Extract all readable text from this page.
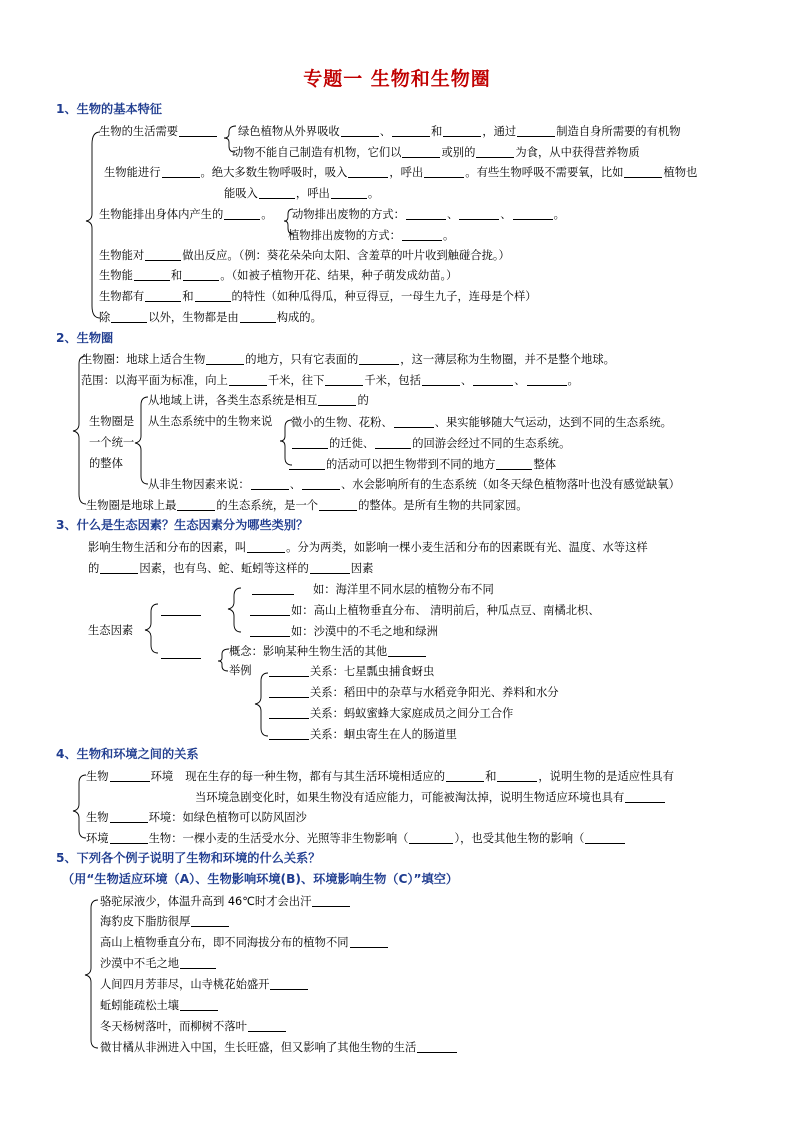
专题一 生物和生物圈
1、生物的基本特征
生物的生活需要	绿色植物从外界吸收	、	和	，通过	制造自身所需要的有机物
动物不能自己制造有机物，它们以	或别的	为食，从中获得营养物质
生物能进行	。绝大多数生物呼吸时，吸入	，呼出	。有些生物呼吸不需要氧，比如	植物也
能吸入	，呼出	。
生物能排出身体内产生的	。 动物排出废物的方式：	、	、	。
植物排出废物的方式：	。
生物能对	做出反应。（例：葵花朵朵向太阳、含羞草的叶片收到触碰合拢。）
生物能	和	。（如被子植物开花、结果，种子萌发成幼苗。）
生物都有	和	的特性（如种瓜得瓜，种豆得豆，一母生九子，连母是个样）
除	以外，生物都是由	构成的。
2、生物圈
生物圈：地球上适合生物	的地方，只有它表面的	，这一薄层称为生物圈，并不是整个地球。
范围：以海平面为标准，向上	千米，往下	千米，包括	、	、	。
从地域上讲，各类生态系统是相互	的
生物圈是
一个统一
的整体
从生态系统中的生物来说 微小的生物、花粉、	、果实能够随大气运动，达到不同的生态系统。
的迁徙、	的回游会经过不同的生态系统。
的活动可以把生物带到不同的地方	整体
从非生物因素来说：	、	、水会影响所有的生态系统（如冬天绿色植物落叶也没有感觉缺氧）
生物圈是地球上最	的生态系统，是一个	的整体。是所有生物的共同家园。
3、什么是生态因素？生态因素分为哪些类别？
影响生物生活和分布的因素，叫	。分为两类，如影响一棵小麦生活和分布的因素既有光、温度、水等这样
的	因素，也有鸟、蛇、蚯蚓等这样的	因素
如：海洋里不同水层的植物分布不同
如：高山上植物垂直分布、 清明前后，种瓜点豆、南橘北枳、
生态因素	如：沙漠中的不毛之地和绿洲
概念：影响某种生物生活的其他
举例	关系：七星瓢虫捕食蚜虫
关系：稻田中的杂草与水稻竞争阳光、养料和水分
关系：蚂蚁蜜蜂大家庭成员之间分工合作
关系：蛔虫寄生在人的肠道里
4、生物和环境之间的关系
生物	环境 现在生存的每一种生物，都有与其生活环境相适应的	和	，说明生物的是适应性具有
当环境急剧变化时，如果生物没有适应能力，可能被淘汰掉，说明生物适应环境也具有
生物	环境：如绿色植物可以防风固沙
环境	生物：一棵小麦的生活受水分、光照等非生物影响（	），也受其他生物的影响（
5、下列各个例子说明了生物和环境的什么关系？
（用“生物适应环境（A）、生物影响环境(B)、环境影响生物（C）”填空）
骆驼尿液少，体温升高到 46℃时才会出汗
海豹皮下脂肪很厚
高山上植物垂直分布，即不同海拔分布的植物不同
沙漠中不毛之地
人间四月芳菲尽，山寺桃花始盛开
蚯蚓能疏松土壤
冬天杨树落叶，而柳树不落叶
微甘橘从非洲进入中国，生长旺盛，但又影响了其他生物的生活
